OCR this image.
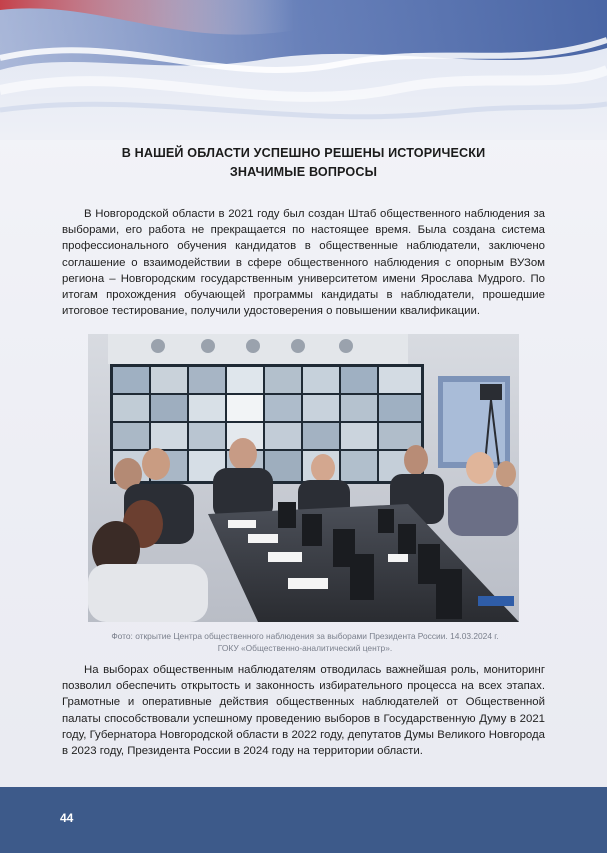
В НАШЕЙ ОБЛАСТИ УСПЕШНО РЕШЕНЫ ИСТОРИЧЕСКИ
ЗНАЧИМЫЕ ВОПРОСЫ
В Новгородской области в 2021 году был создан Штаб общественного наблюдения за выборами, его работа не прекращается по настоящее время. Была создана система профессионального обучения кандидатов в общественные наблюдатели, заключено соглашение о взаимодействии в сфере общественного наблюдения с опорным ВУЗом региона – Новгородским государственным университетом имени Ярослава Мудрого. По итогам прохождения обучающей программы кандидаты в наблюдатели, прошедшие итоговое тестирование, получили удостоверения о повышении квалификации.
Фото: открытие Центра общественного наблюдения за выборами Президента России. 14.03.2024 г.
ГОКУ «Общественно-аналитический центр».
На выборах общественным наблюдателям отводилась важнейшая роль, мониторинг позволил обеспечить открытость и законность избирательного процесса на всех этапах. Грамотные и оперативные действия общественных наблюдателей от Общественной палаты способствовали успешному проведению выборов в Государственную Думу в 2021 году, Губернатора Новгородской области в 2022 году, депутатов Думы Великого Новгорода в 2023 году, Президента России в 2024 году на территории области.
44
